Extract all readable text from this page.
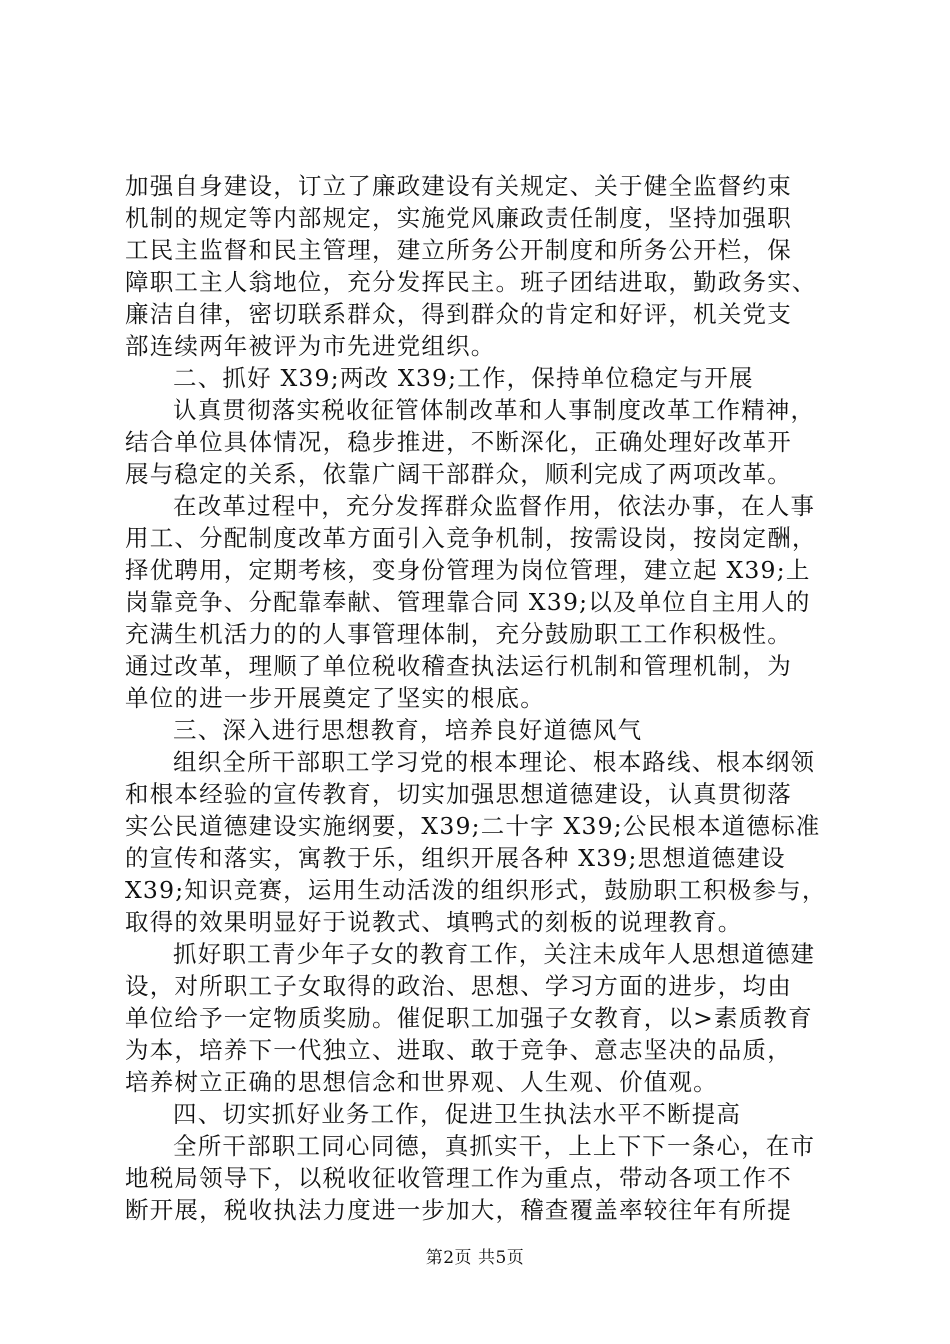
加强自身建设，订立了廉政建设有关规定、关于健全监督约束
机制的规定等内部规定，实施党风廉政责任制度，坚持加强职
工民主监督和民主管理，建立所务公开制度和所务公开栏，保
障职工主人翁地位，充分发挥民主。班子团结进取，勤政务实、
廉洁自律，密切联系群众，得到群众的肯定和好评，机关党支
部连续两年被评为市先进党组织。
二、抓好 X39;两改 X39;工作，保持单位稳定与开展
认真贯彻落实税收征管体制改革和人事制度改革工作精神，
结合单位具体情况，稳步推进，不断深化，正确处理好改革开
展与稳定的关系，依靠广阔干部群众，顺利完成了两项改革。
在改革过程中，充分发挥群众监督作用，依法办事，在人事
用工、分配制度改革方面引入竞争机制，按需设岗，按岗定酬，
择优聘用，定期考核，变身份管理为岗位管理，建立起 X39;上
岗靠竞争、分配靠奉献、管理靠合同 X39;以及单位自主用人的
充满生机活力的的人事管理体制，充分鼓励职工工作积极性。
通过改革，理顺了单位税收稽查执法运行机制和管理机制，为
单位的进一步开展奠定了坚实的根底。
三、深入进行思想教育，培养良好道德风气
组织全所干部职工学习党的根本理论、根本路线、根本纲领
和根本经验的宣传教育，切实加强思想道德建设，认真贯彻落
实公民道德建设实施纲要，X39;二十字 X39;公民根本道德标准
的宣传和落实，寓教于乐，组织开展各种 X39;思想道德建设
X39;知识竞赛，运用生动活泼的组织形式，鼓励职工积极参与，
取得的效果明显好于说教式、填鸭式的刻板的说理教育。
抓好职工青少年子女的教育工作，关注未成年人思想道德建
设，对所职工子女取得的政治、思想、学习方面的进步，均由
单位给予一定物质奖励。催促职工加强子女教育，以>素质教育
为本，培养下一代独立、进取、敢于竞争、意志坚决的品质，
培养树立正确的思想信念和世界观、人生观、价值观。
四、切实抓好业务工作，促进卫生执法水平不断提高
全所干部职工同心同德，真抓实干，上上下下一条心，在市
地税局领导下，以税收征收管理工作为重点，带动各项工作不
断开展，税收执法力度进一步加大，稽查覆盖率较往年有所提
第2页 共5页
